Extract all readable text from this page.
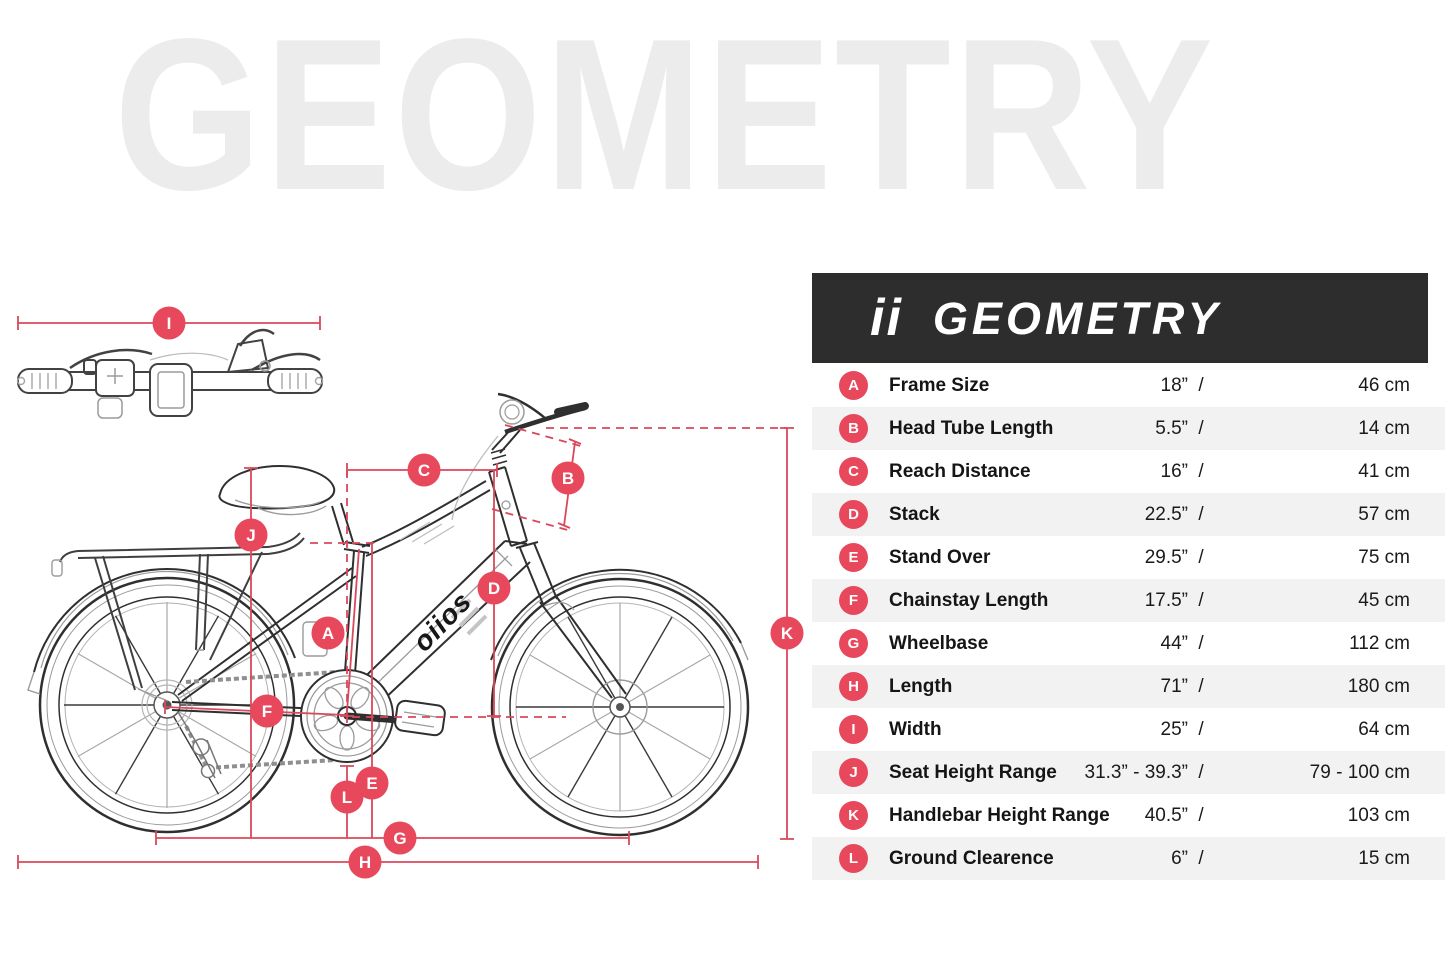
GEOMETRY
oiios
I
C	B
J
D
A	K
F
E
L
G
H
ii GEOMETRY
A	Frame Size	18” /	46 cm
B	Head Tube Length	5.5” /	14 cm
C	Reach Distance	16” /	41 cm
D	Stack	22.5” /	57 cm
E	Stand Over	29.5” /	75 cm
F	Chainstay Length	17.5” /	45 cm
G	Wheelbase	44” /	112 cm
H	Length	71” /	180 cm
I	Width	25” /	64 cm
J	Seat Height Range	31.3” - 39.3” /	79 - 100 cm
K	Handlebar Height Range	40.5” /	103 cm
L	Ground Clearence	6” /	15 cm
